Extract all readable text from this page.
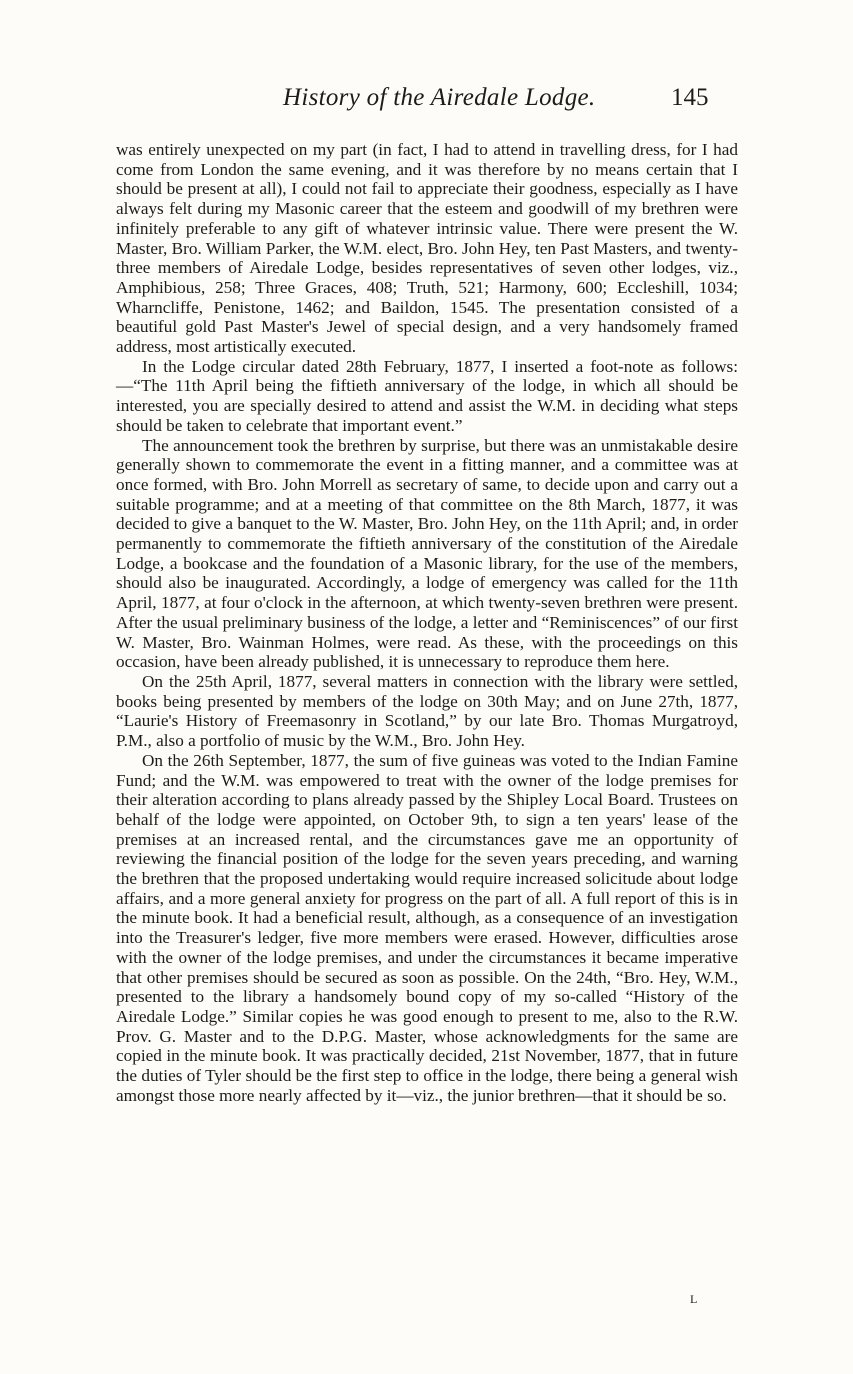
History of the Airedale Lodge.	145

was entirely unexpected on my part (in fact, I had to attend in travelling dress, for I had come from London the same evening, and it was therefore by no means certain that I should be present at all), I could not fail to appreciate their goodness, especially as I have always felt during my Masonic career that the esteem and goodwill of my brethren were infinitely preferable to any gift of whatever intrinsic value. There were present the W. Master, Bro. William Parker, the W.M. elect, Bro. John Hey, ten Past Masters, and twenty-three members of Airedale Lodge, besides representatives of seven other lodges, viz., Amphibious, 258; Three Graces, 408; Truth, 521; Harmony, 600; Eccleshill, 1034; Wharncliffe, Penistone, 1462; and Baildon, 1545. The presentation consisted of a beautiful gold Past Master's Jewel of special design, and a very handsomely framed address, most artistically executed.

In the Lodge circular dated 28th February, 1877, I inserted a foot-note as follows:—“The 11th April being the fiftieth anniversary of the lodge, in which all should be interested, you are specially desired to attend and assist the W.M. in deciding what steps should be taken to celebrate that important event.”

The announcement took the brethren by surprise, but there was an unmistakable desire generally shown to commemorate the event in a fitting manner, and a committee was at once formed, with Bro. John Morrell as secretary of same, to decide upon and carry out a suitable programme; and at a meeting of that committee on the 8th March, 1877, it was decided to give a banquet to the W. Master, Bro. John Hey, on the 11th April; and, in order permanently to commemorate the fiftieth anniversary of the constitution of the Airedale Lodge, a bookcase and the foundation of a Masonic library, for the use of the members, should also be inaugurated. Accordingly, a lodge of emergency was called for the 11th April, 1877, at four o'clock in the afternoon, at which twenty-seven brethren were present. After the usual preliminary business of the lodge, a letter and “Reminiscences” of our first W. Master, Bro. Wainman Holmes, were read. As these, with the proceedings on this occasion, have been already published, it is unnecessary to reproduce them here.

On the 25th April, 1877, several matters in connection with the library were settled, books being presented by members of the lodge on 30th May; and on June 27th, 1877, “Laurie's History of Freemasonry in Scotland,” by our late Bro. Thomas Murgatroyd, P.M., also a portfolio of music by the W.M., Bro. John Hey.

On the 26th September, 1877, the sum of five guineas was voted to the Indian Famine Fund; and the W.M. was empowered to treat with the owner of the lodge premises for their alteration according to plans already passed by the Shipley Local Board. Trustees on behalf of the lodge were appointed, on October 9th, to sign a ten years' lease of the premises at an increased rental, and the circumstances gave me an opportunity of reviewing the financial position of the lodge for the seven years preceding, and warning the brethren that the proposed undertaking would require increased solicitude about lodge affairs, and a more general anxiety for progress on the part of all. A full report of this is in the minute book. It had a beneficial result, although, as a consequence of an investigation into the Treasurer's ledger, five more members were erased. However, difficulties arose with the owner of the lodge premises, and under the circumstances it became imperative that other premises should be secured as soon as possible. On the 24th, “Bro. Hey, W.M., presented to the library a handsomely bound copy of my so-called “History of the Airedale Lodge.” Similar copies he was good enough to present to me, also to the R.W. Prov. G. Master and to the D.P.G. Master, whose acknowledgments for the same are copied in the minute book. It was practically decided, 21st November, 1877, that in future the duties of Tyler should be the first step to office in the lodge, there being a general wish amongst those more nearly affected by it—viz., the junior brethren—that it should be so.

L
